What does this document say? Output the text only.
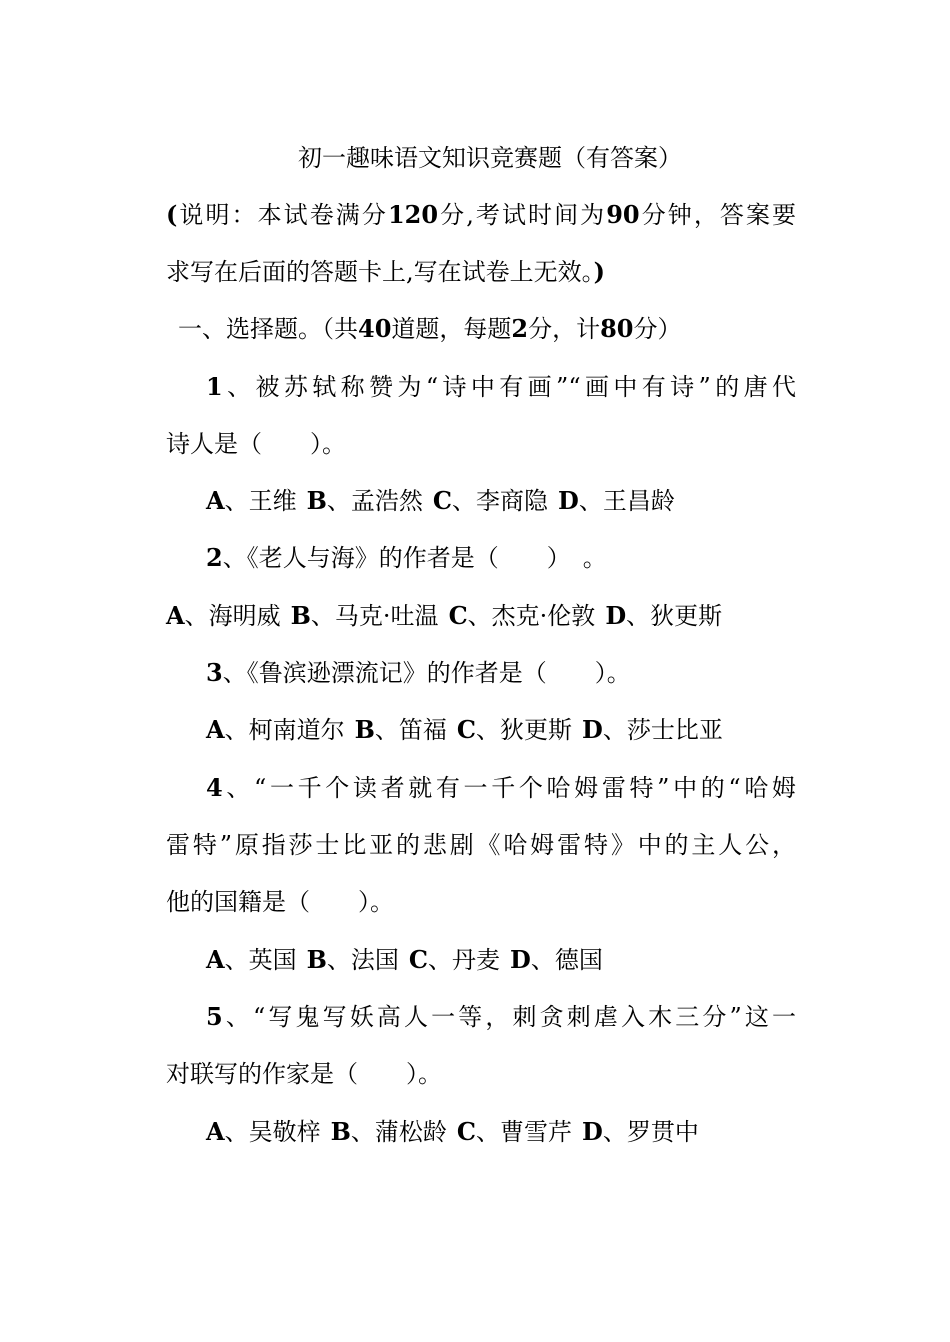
初一趣味语文知识竞赛题（有答案）
(说明：本试卷满分120分,考试时间为90分钟，答案要
求写在后面的答题卡上,写在试卷上无效。)
一、选择题。（共40道题，每题2分，计80分）
1、被苏轼称赞为“诗中有画”“画中有诗”的唐代
诗人是（　　）。
A、王维 B、孟浩然 C、李商隐 D、王昌龄
2、《老人与海》的作者是（　　）　。
A、海明威 B、马克·吐温 C、杰克·伦敦 D、狄更斯
3、《鲁滨逊漂流记》的作者是（　　）。
A、柯南道尔 B、笛福 C、狄更斯 D、莎士比亚
4、“一千个读者就有一千个哈姆雷特”中的“哈姆
雷特”原指莎士比亚的悲剧《哈姆雷特》中的主人公，
他的国籍是（　　）。
A、英国 B、法国 C、丹麦 D、德国
5、“写鬼写妖高人一等，刺贪刺虐入木三分”这一
对联写的作家是（　　）。
A、吴敬梓 B、蒲松龄 C、曹雪芹 D、罗贯中
